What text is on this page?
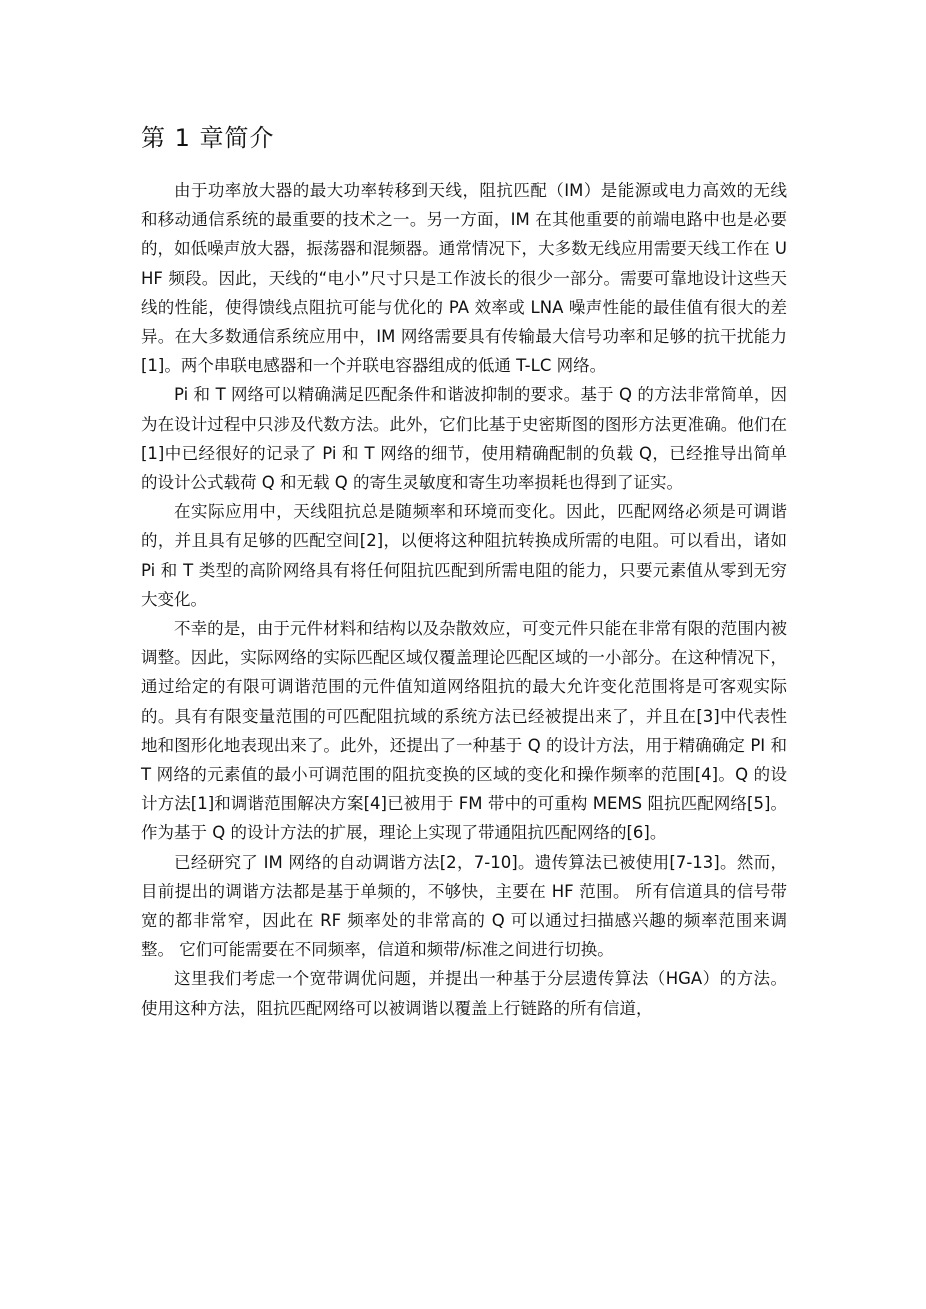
第 1 章简介

由于功率放大器的最大功率转移到天线，阻抗匹配（IM）是能源或电力高效的无线和移动通信系统的最重要的技术之一。另一方面，IM 在其他重要的前端电路中也是必要的，如低噪声放大器，振荡器和混频器。通常情况下，大多数无线应用需要天线工作在 UHF 频段。因此，天线的“电小”尺寸只是工作波长的很少一部分。需要可靠地设计这些天线的性能，使得馈线点阻抗可能与优化的 PA 效率或 LNA 噪声性能的最佳值有很大的差异。在大多数通信系统应用中，IM 网络需要具有传输最大信号功率和足够的抗干扰能力[1]。两个串联电感器和一个并联电容器组成的低通 T-LC 网络。

Pi 和 T 网络可以精确满足匹配条件和谐波抑制的要求。基于 Q 的方法非常简单，因为在设计过程中只涉及代数方法。此外，它们比基于史密斯图的图形方法更准确。他们在[1]中已经很好的记录了 Pi 和 T 网络的细节，使用精确配制的负载 Q，已经推导出简单的设计公式载荷 Q 和无载 Q 的寄生灵敏度和寄生功率损耗也得到了证实。

在实际应用中，天线阻抗总是随频率和环境而变化。因此，匹配网络必须是可调谐的，并且具有足够的匹配空间[2]，以便将这种阻抗转换成所需的电阻。可以看出，诸如 Pi 和 T 类型的高阶网络具有将任何阻抗匹配到所需电阻的能力，只要元素值从零到无穷大变化。

不幸的是，由于元件材料和结构以及杂散效应，可变元件只能在非常有限的范围内被调整。因此，实际网络的实际匹配区域仅覆盖理论匹配区域的一小部分。在这种情况下，通过给定的有限可调谐范围的元件值知道网络阻抗的最大允许变化范围将是可客观实际的。具有有限变量范围的可匹配阻抗域的系统方法已经被提出来了，并且在[3]中代表性地和图形化地表现出来了。此外，还提出了一种基于 Q 的设计方法，用于精确确定 PI 和 T 网络的元素值的最小可调范围的阻抗变换的区域的变化和操作频率的范围[4]。Q 的设计方法[1]和调谐范围解决方案[4]已被用于 FM 带中的可重构 MEMS 阻抗匹配网络[5]。作为基于 Q 的设计方法的扩展，理论上实现了带通阻抗匹配网络的[6]。

已经研究了 IM 网络的自动调谐方法[2，7-10]。遗传算法已被使用[7-13]。然而，目前提出的调谐方法都是基于单频的，不够快，主要在 HF 范围。 所有信道具的信号带宽的都非常窄，因此在 RF 频率处的非常高的 Q 可以通过扫描感兴趣的频率范围来调整。 它们可能需要在不同频率，信道和频带/标准之间进行切换。

这里我们考虑一个宽带调优问题，并提出一种基于分层遗传算法（HGA）的方法。 使用这种方法，阻抗匹配网络可以被调谐以覆盖上行链路的所有信道，
